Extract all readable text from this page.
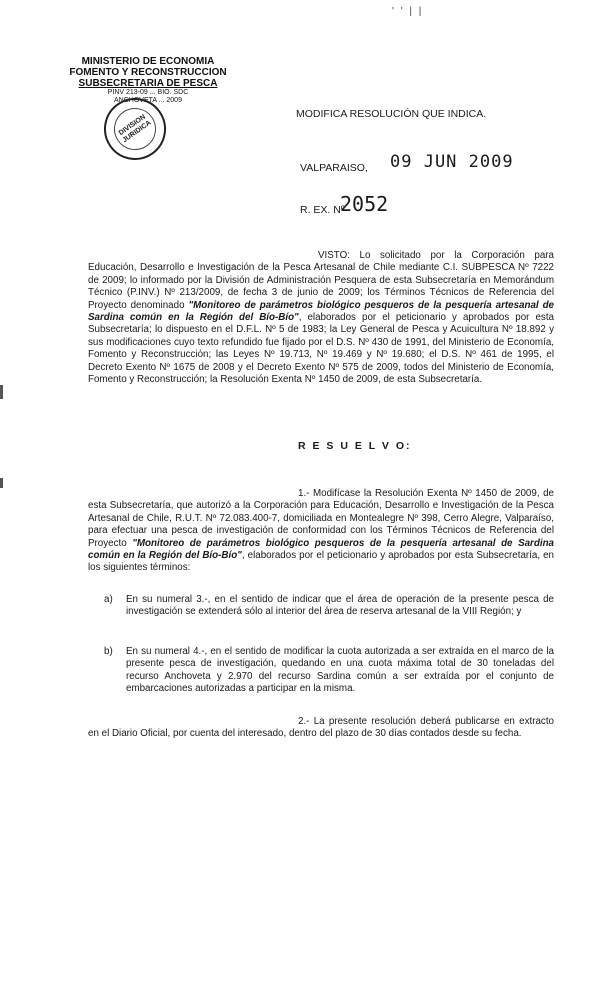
' ' | |
MINISTERIO DE ECONOMIA
FOMENTO Y RECONSTRUCCION
SUBSECRETARIA DE PESCA
PINV 213-09 ... BIO. SDC
ANCHOVETA ... 2009
DIVISION JURIDICA
MODIFICA RESOLUCIÓN QUE INDICA.
VALPARAISO, 09 JUN 2009
R. EX. Nº
2052

VISTO: Lo solicitado por la Corporación para Educación, Desarrollo e Investigación de la Pesca Artesanal de Chile mediante C.I. SUBPESCA Nº 7222 de 2009; lo informado por la División de Administración Pesquera de esta Subsecretaría en Memorándum Técnico (P.INV.) Nº 213/2009, de fecha 3 de junio de 2009; los Términos Técnicos de Referencia del Proyecto denominado "Monitoreo de parámetros biológico pesqueros de la pesquería artesanal de Sardina común en la Región del Bío-Bío", elaborados por el peticionario y aprobados por esta Subsecretaría; lo dispuesto en el D.F.L. Nº 5 de 1983; la Ley General de Pesca y Acuicultura Nº 18.892 y sus modificaciones cuyo texto refundido fue fijado por el D.S. Nº 430 de 1991, del Ministerio de Economía, Fomento y Reconstrucción; las Leyes Nº 19.713, Nº 19.469 y Nº 19.680; el D.S. Nº 461 de 1995, el Decreto Exento Nº 1675 de 2008 y el Decreto Exento Nº 575 de 2009, todos del Ministerio de Economía, Fomento y Reconstrucción; la Resolución Exenta Nº 1450 de 2009, de esta Subsecretaría.

R E S U E L V O:

1.- Modifícase la Resolución Exenta Nº 1450 de 2009, de esta Subsecretaría, que autorizó a la Corporación para Educación, Desarrollo e Investigación de la Pesca Artesanal de Chile, R.U.T. Nº 72.083.400-7, domiciliada en Montealegre Nº 398, Cerro Alegre, Valparaíso, para efectuar una pesca de investigación de conformidad con los Términos Técnicos de Referencia del Proyecto "Monitoreo de parámetros biológico pesqueros de la pesquería artesanal de Sardina común en la Región del Bío-Bío", elaborados por el peticionario y aprobados por esta Subsecretaría, en los siguientes términos:

a) En su numeral 3.-, en el sentido de indicar que el área de operación de la presente pesca de investigación se extenderá sólo al interior del área de reserva artesanal de la VIII Región; y

b) En su numeral 4.-, en el sentido de modificar la cuota autorizada a ser extraída en el marco de la presente pesca de investigación, quedando en una cuota máxima total de 30 toneladas del recurso Anchoveta y 2.970 del recurso Sardina común a ser extraída por el conjunto de embarcaciones autorizadas a participar en la misma.

2.- La presente resolución deberá publicarse en extracto en el Diario Oficial, por cuenta del interesado, dentro del plazo de 30 días contados desde su fecha.
